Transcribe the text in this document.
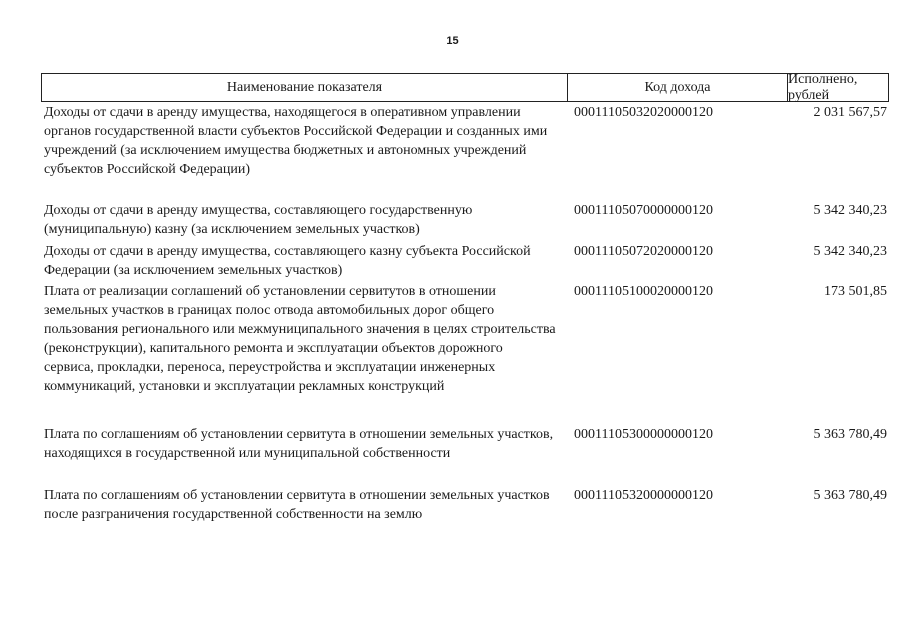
15
Наименование показателя	Код дохода
Исполнено, рублей
Доходы от сдачи в аренду имущества, находящегося в оперативном управлении органов государственной власти субъектов Российской Федерации и созданных ими учреждений (за исключением имущества бюджетных и автономных учреждений субъектов Российской Федерации)
00011105032020000120	2 031 567,57
Доходы от сдачи в аренду имущества, составляющего государственную (муниципальную) казну (за исключением земельных участков)
00011105070000000120	5 342 340,23
Доходы от сдачи в аренду имущества, составляющего казну субъекта Российской Федерации (за исключением земельных участков)
00011105072020000120	5 342 340,23
Плата от реализации соглашений об установлении сервитутов в отношении земельных участков в границах полос отвода автомобильных дорог общего пользования регионального или межмуниципального значения в целях строительства (реконструкции), капитального ремонта и эксплуатации объектов дорожного сервиса, прокладки, переноса, переустройства и эксплуатации инженерных коммуникаций, установки и эксплуатации рекламных конструкций
00011105100020000120	173 501,85
Плата по соглашениям об установлении сервитута в отношении земельных участков, находящихся в государственной или муниципальной собственности
00011105300000000120	5 363 780,49
Плата по соглашениям об установлении сервитута в отношении земельных участков после разграничения государственной собственности на землю
00011105320000000120	5 363 780,49
